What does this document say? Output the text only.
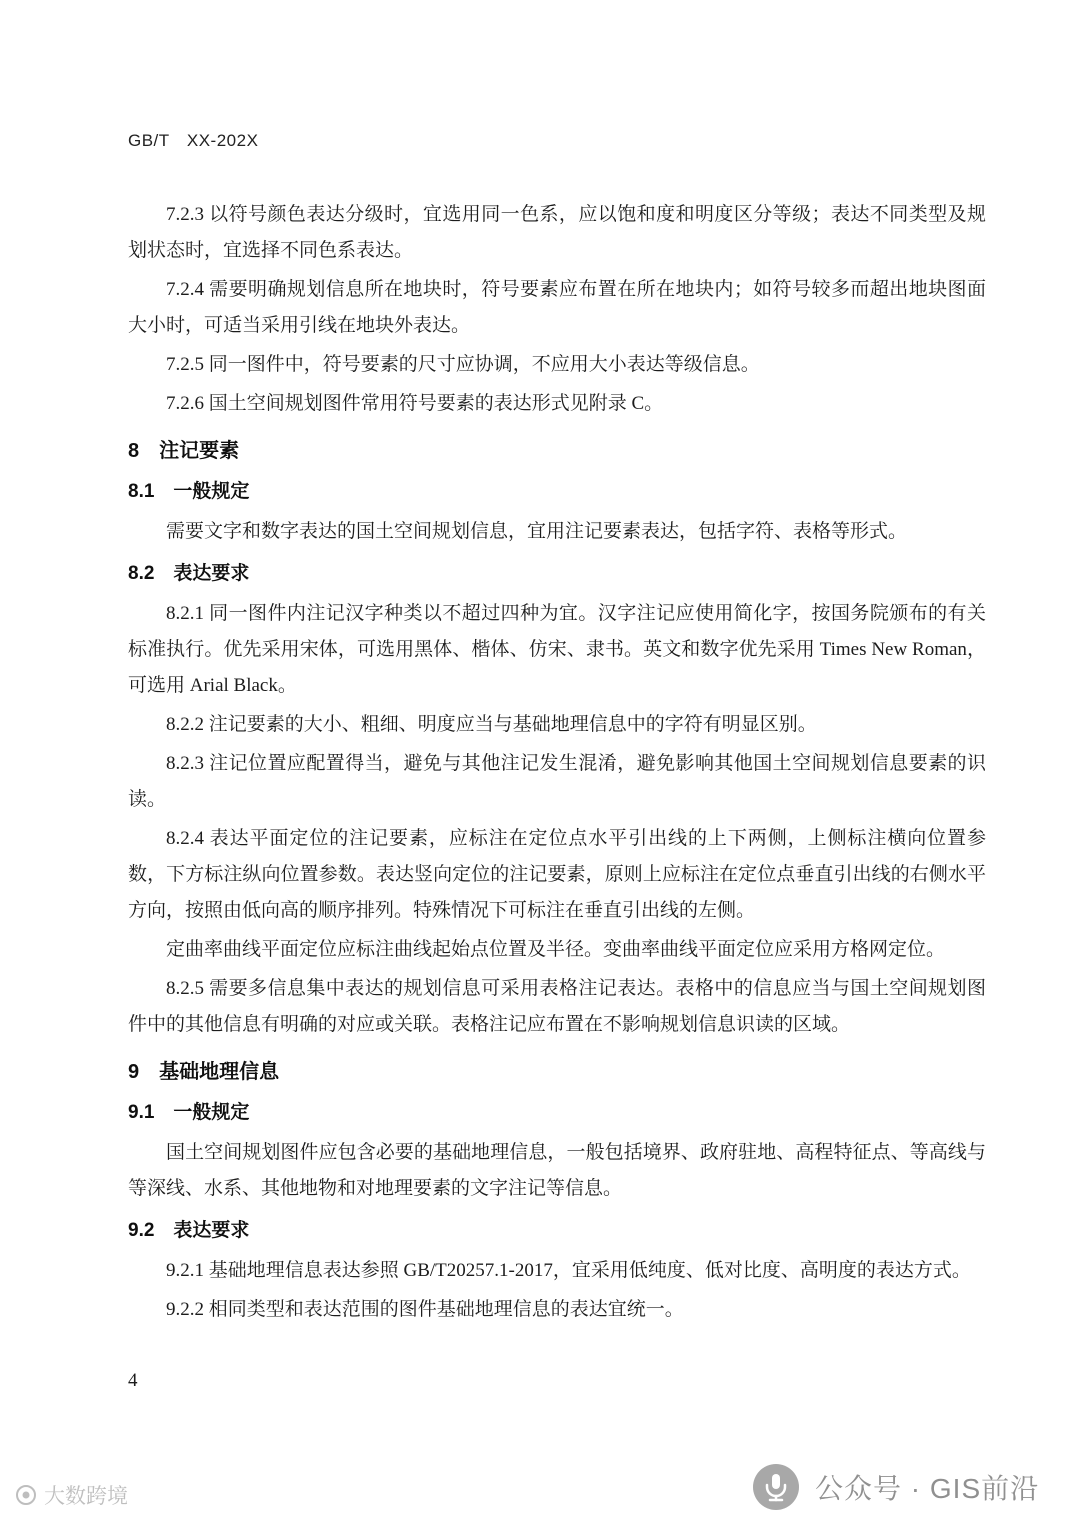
GB/T　XX-202X

7.2.3 以符号颜色表达分级时，宜选用同一色系，应以饱和度和明度区分等级；表达不同类型及规划状态时，宜选择不同色系表达。

7.2.4 需要明确规划信息所在地块时，符号要素应布置在所在地块内；如符号较多而超出地块图面大小时，可适当采用引线在地块外表达。

7.2.5 同一图件中，符号要素的尺寸应协调，不应用大小表达等级信息。

7.2.6 国土空间规划图件常用符号要素的表达形式见附录 C。

8　注记要素
8.1　一般规定

需要文字和数字表达的国土空间规划信息，宜用注记要素表达，包括字符、表格等形式。

8.2　表达要求

8.2.1 同一图件内注记汉字种类以不超过四种为宜。汉字注记应使用简化字，按国务院颁布的有关标准执行。优先采用宋体，可选用黑体、楷体、仿宋、隶书。英文和数字优先采用 Times New Roman，可选用 Arial Black。

8.2.2 注记要素的大小、粗细、明度应当与基础地理信息中的字符有明显区别。

8.2.3 注记位置应配置得当，避免与其他注记发生混淆，避免影响其他国土空间规划信息要素的识读。

8.2.4 表达平面定位的注记要素，应标注在定位点水平引出线的上下两侧，上侧标注横向位置参数，下方标注纵向位置参数。表达竖向定位的注记要素，原则上应标注在定位点垂直引出线的右侧水平方向，按照由低向高的顺序排列。特殊情况下可标注在垂直引出线的左侧。

定曲率曲线平面定位应标注曲线起始点位置及半径。变曲率曲线平面定位应采用方格网定位。

8.2.5 需要多信息集中表达的规划信息可采用表格注记表达。表格中的信息应当与国土空间规划图件中的其他信息有明确的对应或关联。表格注记应布置在不影响规划信息识读的区域。

9　基础地理信息
9.1　一般规定

国土空间规划图件应包含必要的基础地理信息，一般包括境界、政府驻地、高程特征点、等高线与等深线、水系、其他地物和对地理要素的文字注记等信息。

9.2　表达要求

9.2.1 基础地理信息表达参照 GB/T20257.1-2017，宜采用低纯度、低对比度、高明度的表达方式。

9.2.2 相同类型和表达范围的图件基础地理信息的表达宜统一。

4
大数跨境	公众号 · GIS前沿
